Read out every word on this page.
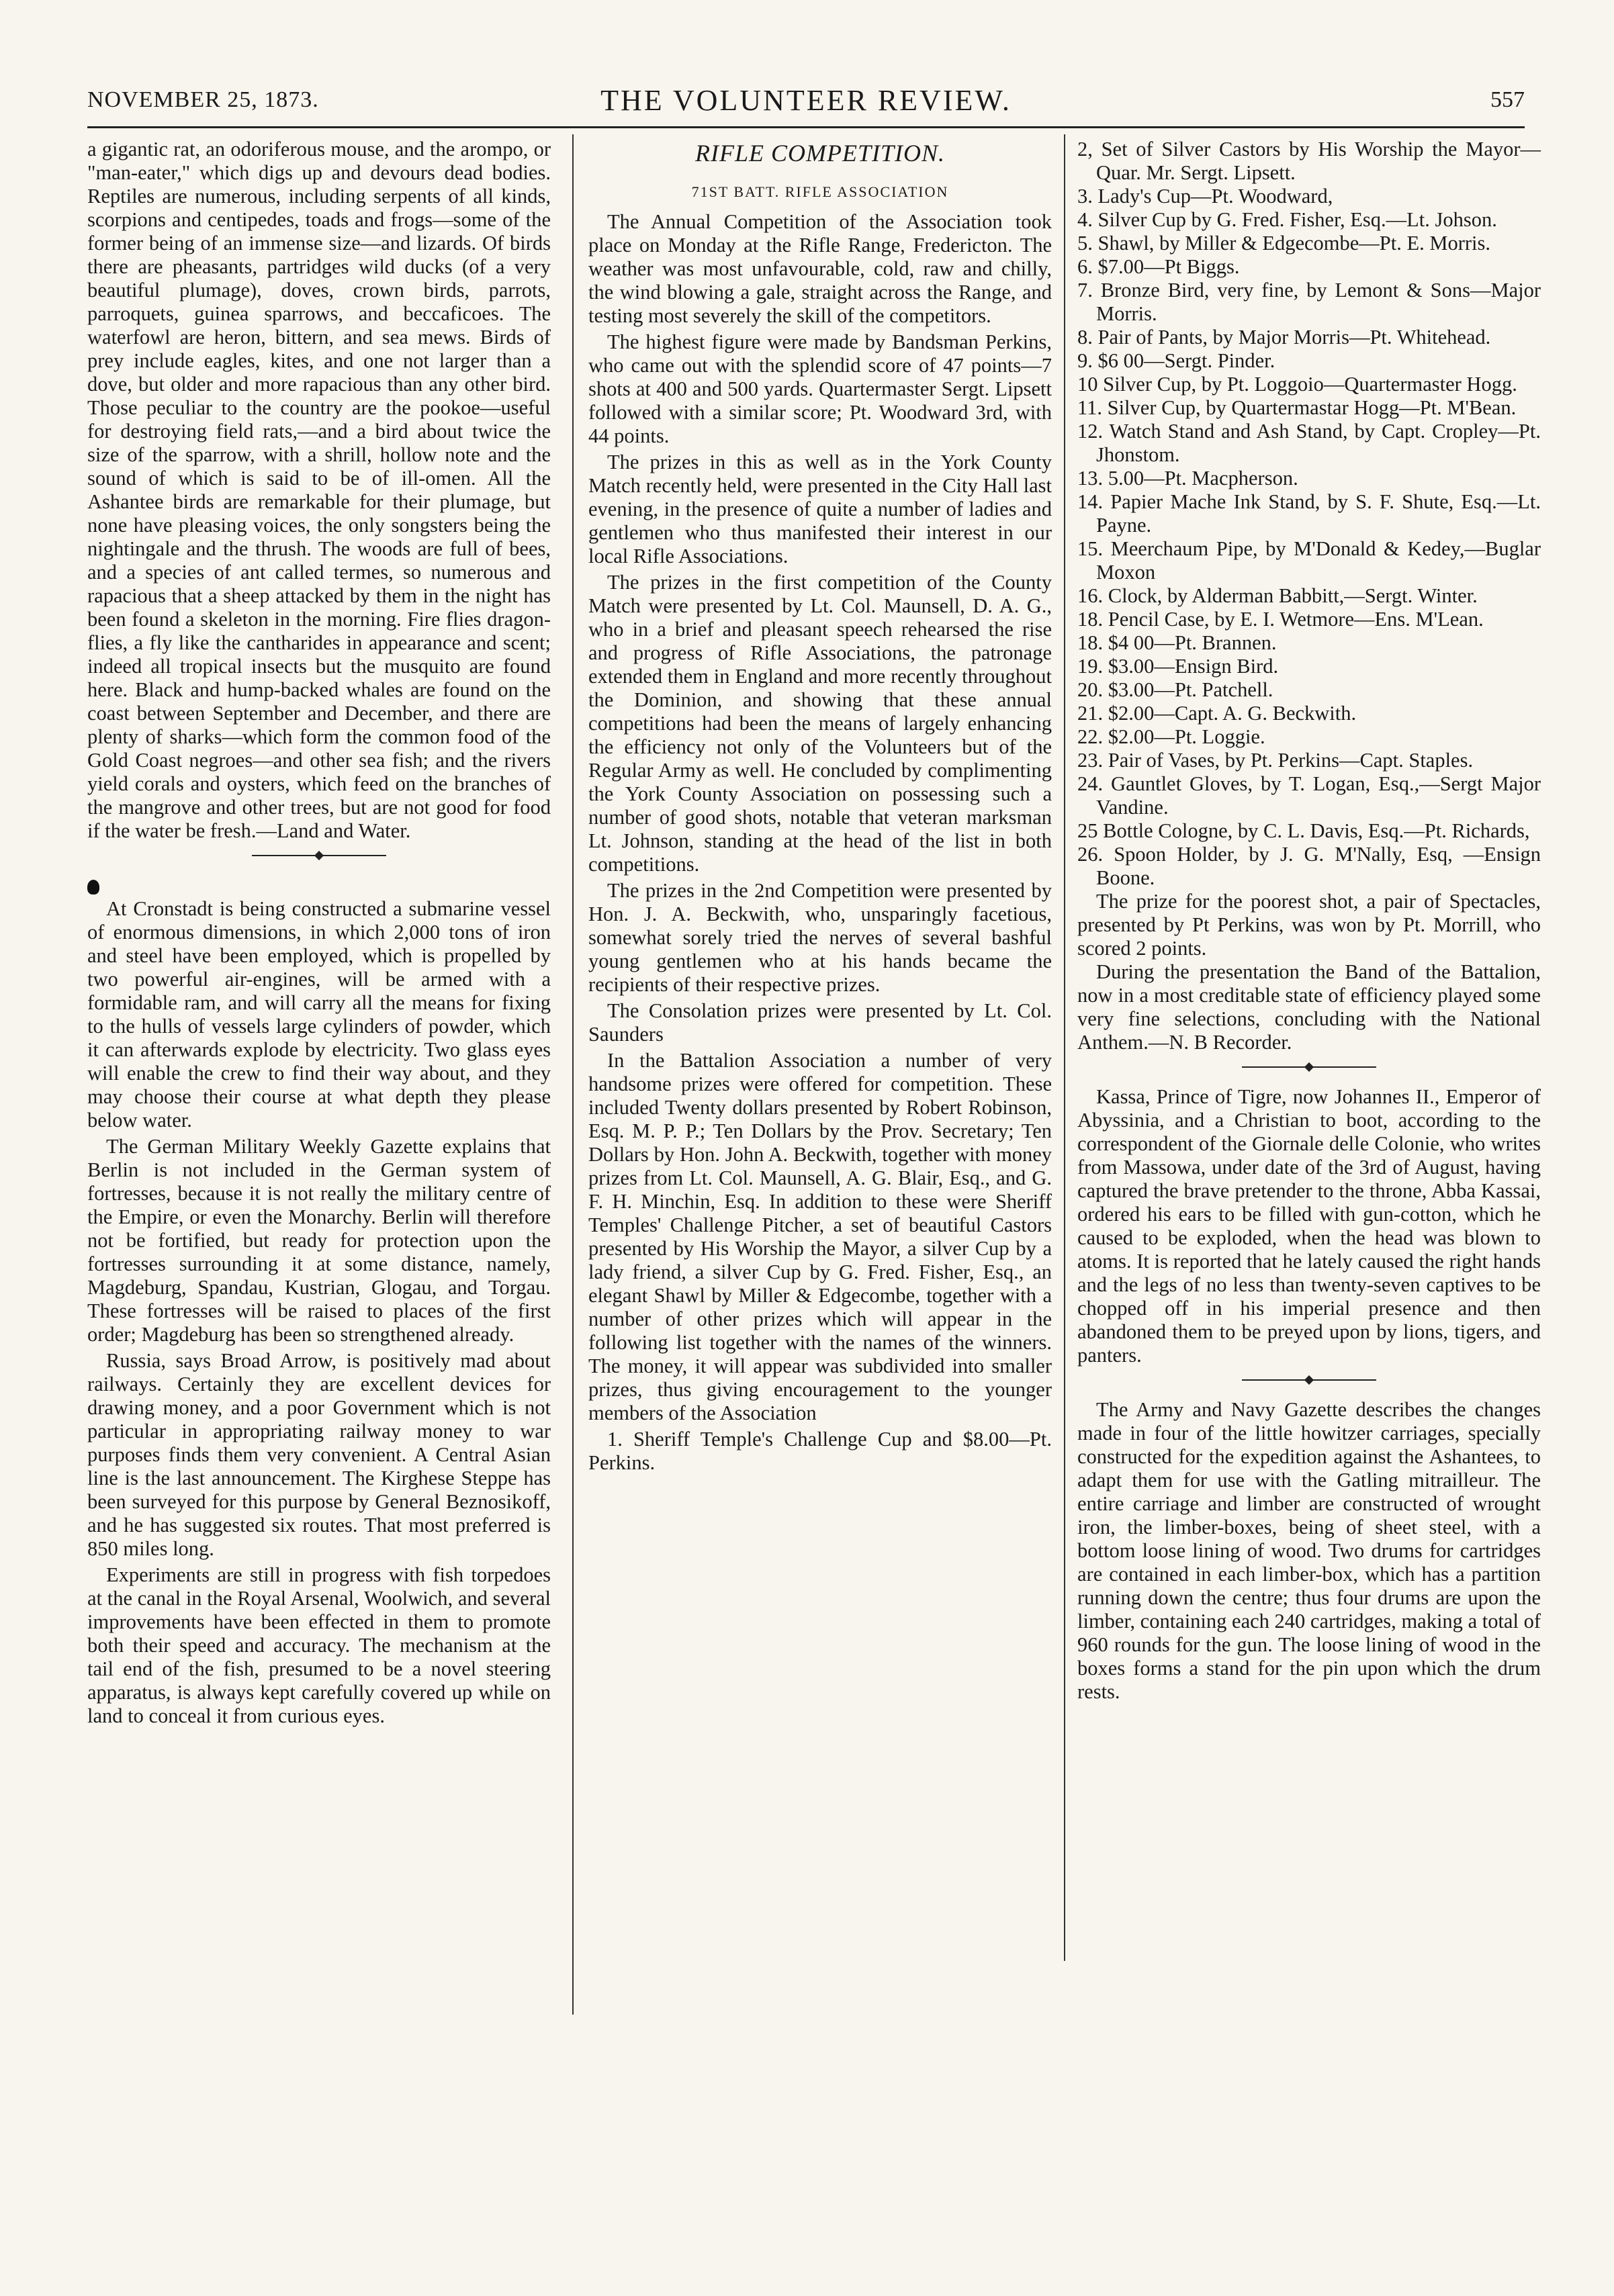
NOVEMBER 25, 1873.	THE VOLUNTEER REVIEW.	557

a gigantic rat, an odoriferous mouse, and the arompo, or "man-eater," which digs up and devours dead bodies. Reptiles are numerous, including serpents of all kinds, scorpions and centipedes, toads and frogs—some of the former being of an immense size—and lizards. Of birds there are pheasants, partridges wild ducks (of a very beautiful plumage), doves, crown birds, parrots, parroquets, guinea sparrows, and beccaficoes. The waterfowl are heron, bittern, and sea mews. Birds of prey include eagles, kites, and one not larger than a dove, but older and more rapacious than any other bird. Those peculiar to the country are the pookoe—useful for destroying field rats,—and a bird about twice the size of the sparrow, with a shrill, hollow note and the sound of which is said to be of ill-omen. All the Ashantee birds are remarkable for their plumage, but none have pleasing voices, the only songsters being the nightingale and the thrush. The woods are full of bees, and a species of ant called termes, so numerous and rapacious that a sheep attacked by them in the night has been found a skeleton in the morning. Fire flies dragon-flies, a fly like the cantharides in appearance and scent; indeed all tropical insects but the musquito are found here. Black and hump-backed whales are found on the coast between September and December, and there are plenty of sharks—which form the common food of the Gold Coast negroes—and other sea fish; and the rivers yield corals and oysters, which feed on the branches of the mangrove and other trees, but are not good for food if the water be fresh.—Land and Water.

At Cronstadt is being constructed a submarine vessel of enormous dimensions, in which 2,000 tons of iron and steel have been employed, which is propelled by two powerful air-engines, will be armed with a formidable ram, and will carry all the means for fixing to the hulls of vessels large cylinders of powder, which it can afterwards explode by electricity. Two glass eyes will enable the crew to find their way about, and they may choose their course at what depth they please below water.

The German Military Weekly Gazette explains that Berlin is not included in the German system of fortresses, because it is not really the military centre of the Empire, or even the Monarchy. Berlin will therefore not be fortified, but ready for protection upon the fortresses surrounding it at some distance, namely, Magdeburg, Spandau, Kustrian, Glogau, and Torgau. These fortresses will be raised to places of the first order; Magdeburg has been so strengthened already.

Russia, says Broad Arrow, is positively mad about railways. Certainly they are excellent devices for drawing money, and a poor Government which is not particular in appropriating railway money to war purposes finds them very convenient. A Central Asian line is the last announcement. The Kirghese Steppe has been surveyed for this purpose by General Beznosikoff, and he has suggested six routes. That most preferred is 850 miles long.

Experiments are still in progress with fish torpedoes at the canal in the Royal Arsenal, Woolwich, and several improvements have been effected in them to promote both their speed and accuracy. The mechanism at the tail end of the fish, presumed to be a novel steering apparatus, is always kept carefully covered up while on land to conceal it from curious eyes.

RIFLE COMPETITION.
71ST BATT. RIFLE ASSOCIATION

The Annual Competition of the Association took place on Monday at the Rifle Range, Fredericton. The weather was most unfavourable, cold, raw and chilly, the wind blowing a gale, straight across the Range, and testing most severely the skill of the competitors.

The highest figure were made by Bandsman Perkins, who came out with the splendid score of 47 points—7 shots at 400 and 500 yards. Quartermaster Sergt. Lipsett followed with a similar score; Pt. Woodward 3rd, with 44 points.

The prizes in this as well as in the York County Match recently held, were presented in the City Hall last evening, in the presence of quite a number of ladies and gentlemen who thus manifested their interest in our local Rifle Associations.

The prizes in the first competition of the County Match were presented by Lt. Col. Maunsell, D. A. G., who in a brief and pleasant speech rehearsed the rise and progress of Rifle Associations, the patronage extended them in England and more recently throughout the Dominion, and showing that these annual competitions had been the means of largely enhancing the efficiency not only of the Volunteers but of the Regular Army as well. He concluded by complimenting the York County Association on possessing such a number of good shots, notable that veteran marksman Lt. Johnson, standing at the head of the list in both competitions.

The prizes in the 2nd Competition were presented by Hon. J. A. Beckwith, who, unsparingly facetious, somewhat sorely tried the nerves of several bashful young gentlemen who at his hands became the recipients of their respective prizes.

The Consolation prizes were presented by Lt. Col. Saunders

In the Battalion Association a number of very handsome prizes were offered for competition. These included Twenty dollars presented by Robert Robinson, Esq. M. P. P.; Ten Dollars by the Prov. Secretary; Ten Dollars by Hon. John A. Beckwith, together with money prizes from Lt. Col. Maunsell, A. G. Blair, Esq., and G. F. H. Minchin, Esq. In addition to these were Sheriff Temples' Challenge Pitcher, a set of beautiful Castors presented by His Worship the Mayor, a silver Cup by a lady friend, a silver Cup by G. Fred. Fisher, Esq., an elegant Shawl by Miller & Edgecombe, together with a number of other prizes which will appear in the following list together with the names of the winners. The money, it will appear was subdivided into smaller prizes, thus giving encouragement to the younger members of the Association

1. Sheriff Temple's Challenge Cup and $8.00—Pt. Perkins.

2, Set of Silver Castors by His Worship the Mayor—Quar. Mr. Sergt. Lipsett.

3. Lady's Cup—Pt. Woodward,

4. Silver Cup by G. Fred. Fisher, Esq.—Lt. Johson.

5. Shawl, by Miller & Edgecombe—Pt. E. Morris.

6. $7.00—Pt Biggs.

7. Bronze Bird, very fine, by Lemont & Sons—Major Morris.

8. Pair of Pants, by Major Morris—Pt. Whitehead.

9. $6 00—Sergt. Pinder.

10 Silver Cup, by Pt. Loggoio—Quartermaster Hogg.

11. Silver Cup, by Quartermastar Hogg—Pt. M'Bean.

12. Watch Stand and Ash Stand, by Capt. Cropley—Pt. Jhonstom.

13. 5.00—Pt. Macpherson.

14. Papier Mache Ink Stand, by S. F. Shute, Esq.—Lt. Payne.

15. Meerchaum Pipe, by M'Donald & Kedey,—Buglar Moxon

16. Clock, by Alderman Babbitt,—Sergt. Winter.

18. Pencil Case, by E. I. Wetmore—Ens. M'Lean.

18. $4 00—Pt. Brannen.

19. $3.00—Ensign Bird.

20. $3.00—Pt. Patchell.

21. $2.00—Capt. A. G. Beckwith.

22. $2.00—Pt. Loggie.

23. Pair of Vases, by Pt. Perkins—Capt. Staples.

24. Gauntlet Gloves, by T. Logan, Esq.,—Sergt Major Vandine.

25 Bottle Cologne, by C. L. Davis, Esq.—Pt. Richards,

26. Spoon Holder, by J. G. M'Nally, Esq, —Ensign Boone.

The prize for the poorest shot, a pair of Spectacles, presented by Pt Perkins, was won by Pt. Morrill, who scored 2 points.

During the presentation the Band of the Battalion, now in a most creditable state of efficiency played some very fine selections, concluding with the National Anthem.—N. B Recorder.

Kassa, Prince of Tigre, now Johannes II., Emperor of Abyssinia, and a Christian to boot, according to the correspondent of the Giornale delle Colonie, who writes from Massowa, under date of the 3rd of August, having captured the brave pretender to the throne, Abba Kassai, ordered his ears to be filled with gun-cotton, which he caused to be exploded, when the head was blown to atoms. It is reported that he lately caused the right hands and the legs of no less than twenty-seven captives to be chopped off in his imperial presence and then abandoned them to be preyed upon by lions, tigers, and panters.

The Army and Navy Gazette describes the changes made in four of the little howitzer carriages, specially constructed for the expedition against the Ashantees, to adapt them for use with the Gatling mitrailleur. The entire carriage and limber are constructed of wrought iron, the limber-boxes, being of sheet steel, with a bottom loose lining of wood. Two drums for cartridges are contained in each limber-box, which has a partition running down the centre; thus four drums are upon the limber, containing each 240 cartridges, making a total of 960 rounds for the gun. The loose lining of wood in the boxes forms a stand for the pin upon which the drum rests.
